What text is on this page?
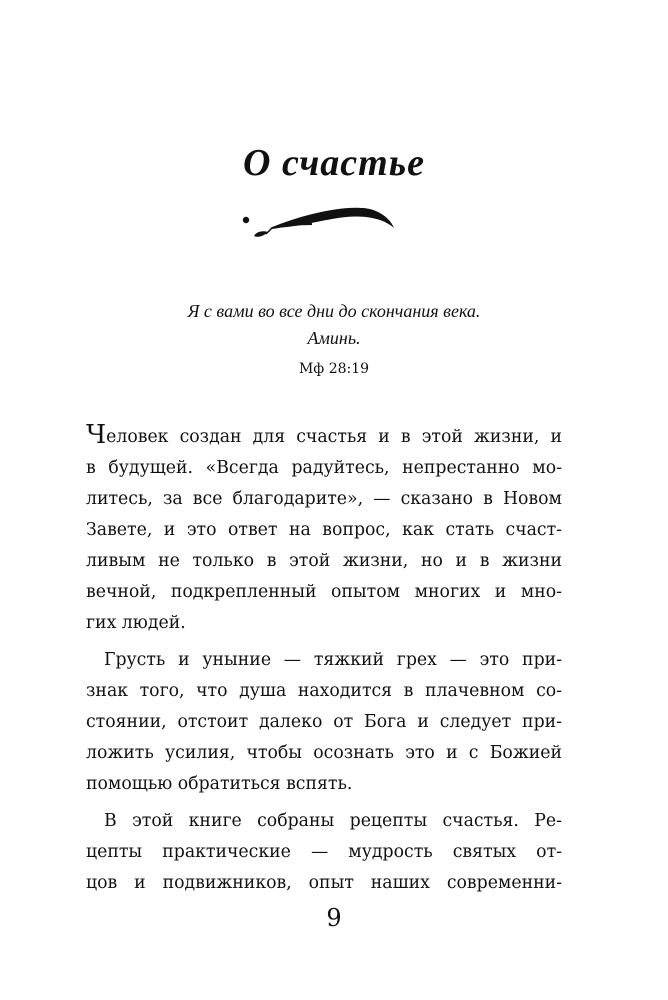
О счастье
Я с вами во все дни до скончания века.
Аминь.
Мф 28:19
Человек создан для счастья и в этой жизни, и
в будущей. «Всегда радуйтесь, непрестанно мо-
литесь, за все благодарите», — сказано в Новом
Завете, и это ответ на вопрос, как стать счаст-
ливым не только в этой жизни, но и в жизни
вечной, подкрепленный опытом многих и мно-
гих людей.
Грусть и уныние — тяжкий грех — это при-
знак того, что душа находится в плачевном со-
стоянии, отстоит далеко от Бога и следует при-
ложить усилия, чтобы осознать это и с Божией
помощью обратиться вспять.
В этой книге собраны рецепты счастья. Ре-
цепты практические — мудрость святых от-
цов и подвижников, опыт наших современни-
9
